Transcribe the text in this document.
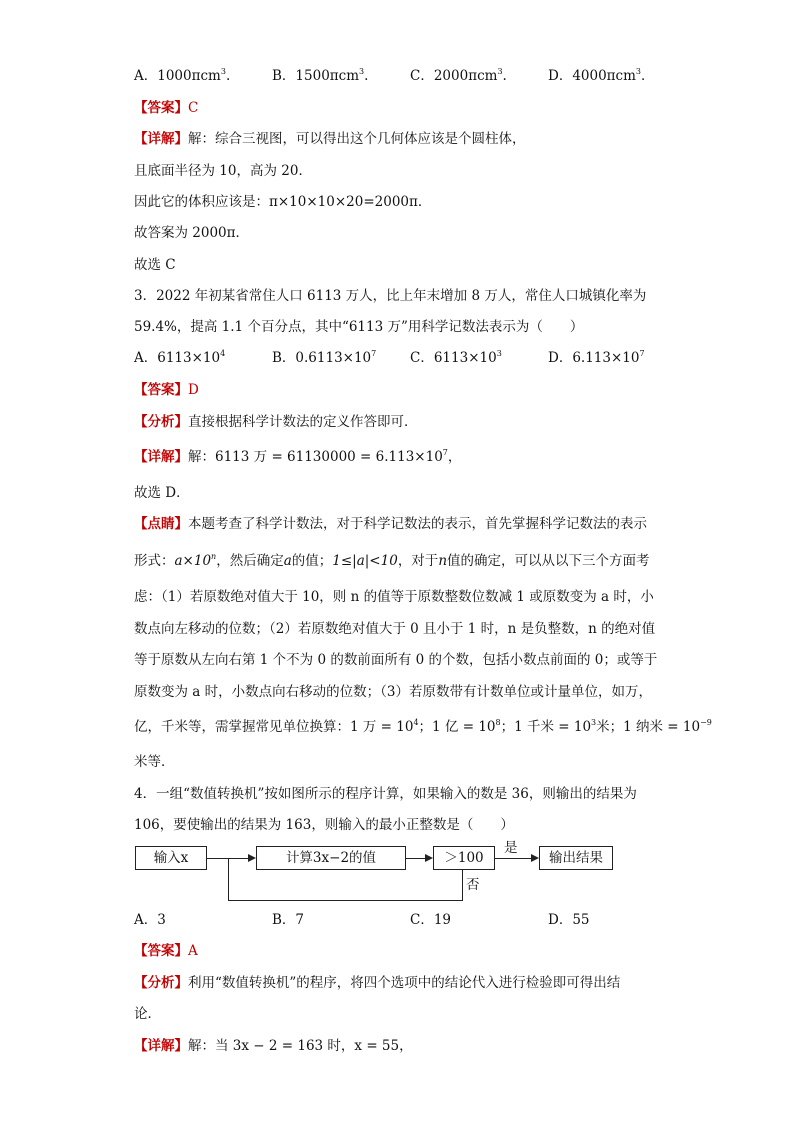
A．1000πcm$^3$.	B．1500πcm$^3$.	C．2000πcm$^3$.	D．4000πcm$^3$．
【答案】C
【详解】解：综合三视图，可以得出这个几何体应该是个圆柱体，
且底面半径为 10，高为 20．
因此它的体积应该是：π×10×10×20=2000π．
故答案为 2000π．
故选 C
3．2022 年初某省常住人口 6113 万人，比上年末增加 8 万人，常住人口城镇化率为
59.4%，提高 1.1 个百分点，其中“6113 万”用科学记数法表示为（　　）
A．$6113\times 10^4$	B．$0.6113\times 10^7$	C．$6113\times 10^3$	D．$6.113\times 10^7$
【答案】D
【分析】直接根据科学计数法的定义作答即可．
【详解】解：6113 万 = $61130000 = 6.113\times 10^7$，
故选 D．
【点睛】本题考查了科学计数法，对于科学记数法的表示，首先掌握科学记数法的表示
形式：$a\times 10^n$，然后确定a的值；1≤|a|<10，对于n值的确定，可以从以下三个方面考
虑：（1）若原数绝对值大于 10，则 n 的值等于原数整数位数减 1 或原数变为 a 时，小
数点向左移动的位数；（2）若原数绝对值大于 0 且小于 1 时，n 是负整数，n 的绝对值
等于原数从左向右第 1 个不为 0 的数前面所有 0 的个数，包括小数点前面的 0；或等于
原数变为 a 时，小数点向右移动的位数；（3）若原数带有计数单位或计量单位，如万，
亿，千米等，需掌握常见单位换算：1 万 = $10^4$；1 亿 = $10^8$；1 千米 = $10^3$米；1 纳米 = $10^{-9}$
米等．
4．一组“数值转换机”按如图所示的程序计算，如果输入的数是 36，则输出的结果为
106，要使输出的结果为 163，则输入的最小正整数是（　　）
输入x	计算3x−2的值	＞100
是
输出结果
否
A．3	B．7	C．19	D．55
【答案】A
【分析】利用“数值转换机”的程序，将四个选项中的结论代入进行检验即可得出结
论．
【详解】解：当 3x − 2 = 163 时，x = 55，
